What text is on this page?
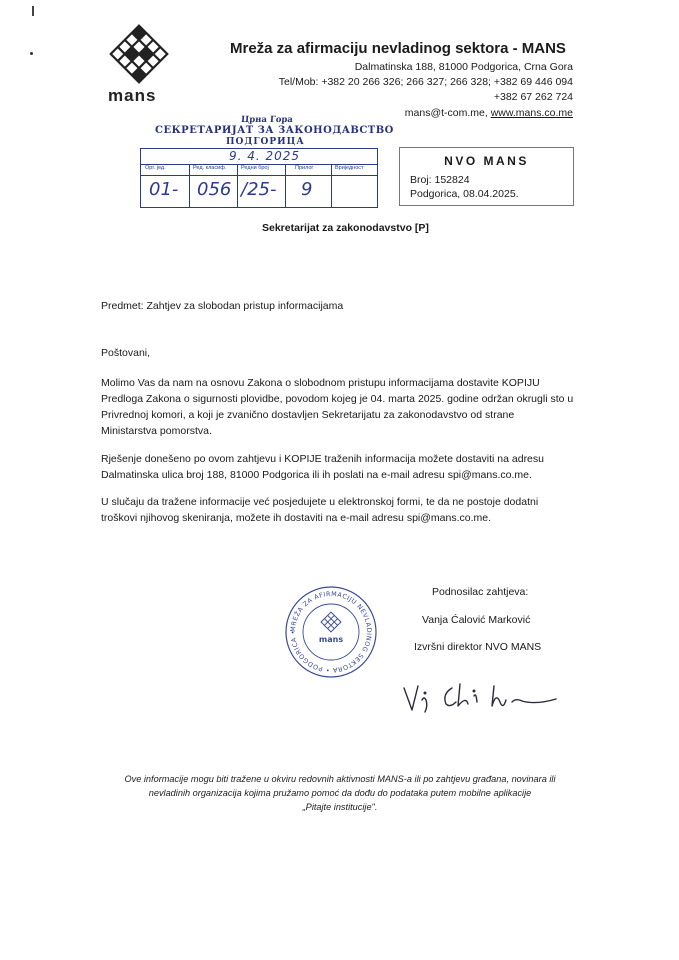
mans
Mreža za afirmaciju nevladinog sektora - MANS
Dalmatinska 188, 81000 Podgorica, Crna Gora
Tel/Mob: +382 20 266 326; 266 327; 266 328; +382 69 446 094
+382 67 262 724
mans@t-com.me, www.mans.co.me
Црна Гора
СЕКРЕТАРИЈАТ ЗА ЗАКОНОДАВСТВО
ПОДГОРИЦА
9. 4. 2025
Орг. јед.	Ред. класиф.	Редни број	Прилог	Вриједност
01- 056 /25- 9
NVO MANS
Broj: 152824
Podgorica, 08.04.2025.
Sekretarijat za zakonodavstvo [P]
Predmet: Zahtjev za slobodan pristup informacijama
Poštovani,
Molimo Vas da nam na osnovu Zakona o slobodnom pristupu informacijama dostavite KOPIJU
Predloga Zakona o sigurnosti plovidbe, povodom kojeg je 04. marta 2025. godine održan okrugli sto u
Privrednoj komori, a koji je zvanično dostavljen Sekretarijatu za zakonodavstvo od strane
Ministarstva pomorstva.
Rješenje donešeno po ovom zahtjevu i KOPIJE traženih informacija možete dostaviti na adresu
Dalmatinska ulica broj 188, 81000 Podgorica ili ih poslati na e-mail adresu spi@mans.co.me.
U slučaju da tražene informacije već posjedujete u elektronskoj formi, te da ne postoje dodatni
troškovi njihovog skeniranja, možete ih dostaviti na e-mail adresu spi@mans.co.me.
MREŽA ZA AFIRMACIJU NEVLADINOG SEKTORA • PODGORICA •
mans
Podnosilac zahtjeva:
Vanja Ćalović Marković
Izvršni direktor NVO MANS
Ove informacije mogu biti tražene u okviru redovnih aktivnosti MANS-a ili po zahtjevu građana, novinara ili
nevladinih organizacija kojima pružamo pomoć da dođu do podataka putem mobilne aplikacije
„Pitajte institucije".
